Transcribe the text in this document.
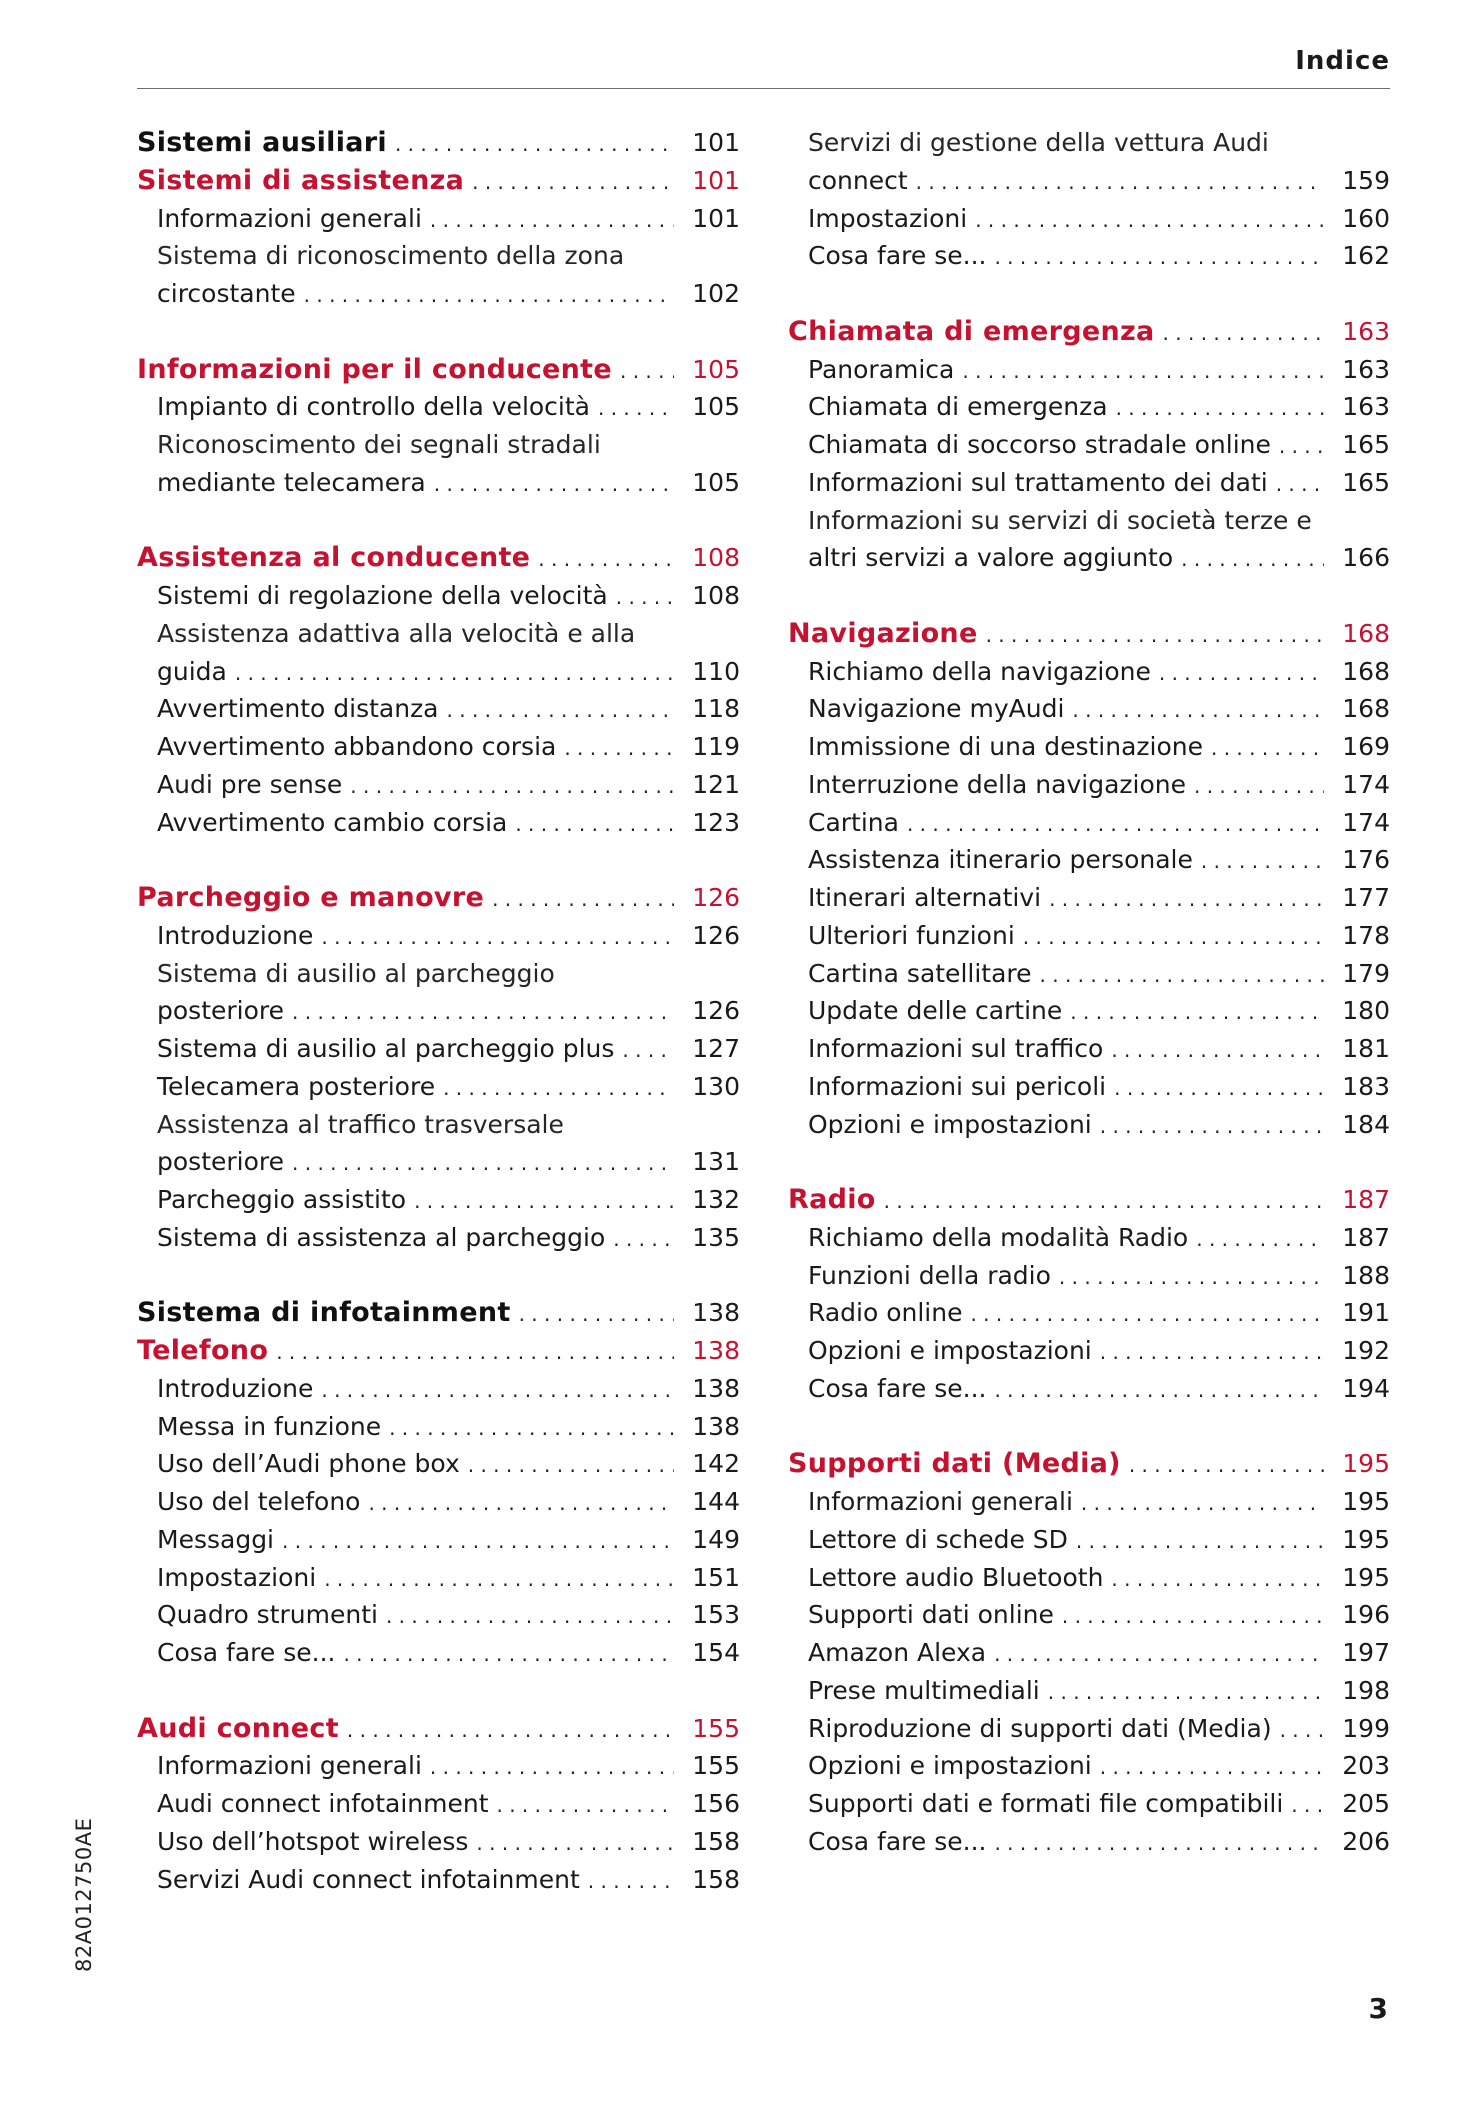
Indice
Sistemi ausiliari . . .	101
Sistemi di assistenza . . .	101
Informazioni generali . . .	101
Sistema di riconoscimento della zona
circostante . . .	102
Informazioni per il conducente . . .	105
Impianto di controllo della velocità . . .	105
Riconoscimento dei segnali stradali
mediante telecamera . . .	105
Assistenza al conducente . . .	108
Sistemi di regolazione della velocità . . .	108
Assistenza adattiva alla velocità e alla
guida . . .	110
Avvertimento distanza . . .	118
Avvertimento abbandono corsia . . .	119
Audi pre sense . . .	121
Avvertimento cambio corsia . . .	123
Parcheggio e manovre . . .	126
Introduzione . . .	126
Sistema di ausilio al parcheggio
posteriore . . .	126
Sistema di ausilio al parcheggio plus . . .	127
Telecamera posteriore . . .	130
Assistenza al traffico trasversale
posteriore . . .	131
Parcheggio assistito . . .	132
Sistema di assistenza al parcheggio . . .	135
Sistema di infotainment . . .	138
Telefono . . .	138
Introduzione . . .	138
Messa in funzione . . .	138
Uso dell’Audi phone box . . .	142
Uso del telefono . . .	144
Messaggi . . .	149
Impostazioni . . .	151
Quadro strumenti . . .	153
Cosa fare se... . . .	154
Audi connect . . .	155
Informazioni generali . . .	155
Audi connect infotainment . . .	156
Uso dell’hotspot wireless . . .	158
Servizi Audi connect infotainment . . .	158
Servizi di gestione della vettura Audi
connect . . .	159
Impostazioni . . .	160
Cosa fare se... . . .	162
Chiamata di emergenza . . .	163
Panoramica . . .	163
Chiamata di emergenza . . .	163
Chiamata di soccorso stradale online . . .	165
Informazioni sul trattamento dei dati . . .	165
Informazioni su servizi di società terze e
altri servizi a valore aggiunto . . .	166
Navigazione . . .	168
Richiamo della navigazione . . .	168
Navigazione myAudi . . .	168
Immissione di una destinazione . . .	169
Interruzione della navigazione . . .	174
Cartina . . .	174
Assistenza itinerario personale . . .	176
Itinerari alternativi . . .	177
Ulteriori funzioni . . .	178
Cartina satellitare . . .	179
Update delle cartine . . .	180
Informazioni sul traffico . . .	181
Informazioni sui pericoli . . .	183
Opzioni e impostazioni . . .	184
Radio . . .	187
Richiamo della modalità Radio . . .	187
Funzioni della radio . . .	188
Radio online . . .	191
Opzioni e impostazioni . . .	192
Cosa fare se... . . .	194
Supporti dati (Media) . . .	195
Informazioni generali . . .	195
Lettore di schede SD . . .	195
Lettore audio Bluetooth . . .	195
Supporti dati online . . .	196
Amazon Alexa . . .	197
Prese multimediali . . .	198
Riproduzione di supporti dati (Media) . . .	199
Opzioni e impostazioni . . .	203
Supporti dati e formati file compatibili . . .	205
Cosa fare se... . . .	206
82A012750AE
3
